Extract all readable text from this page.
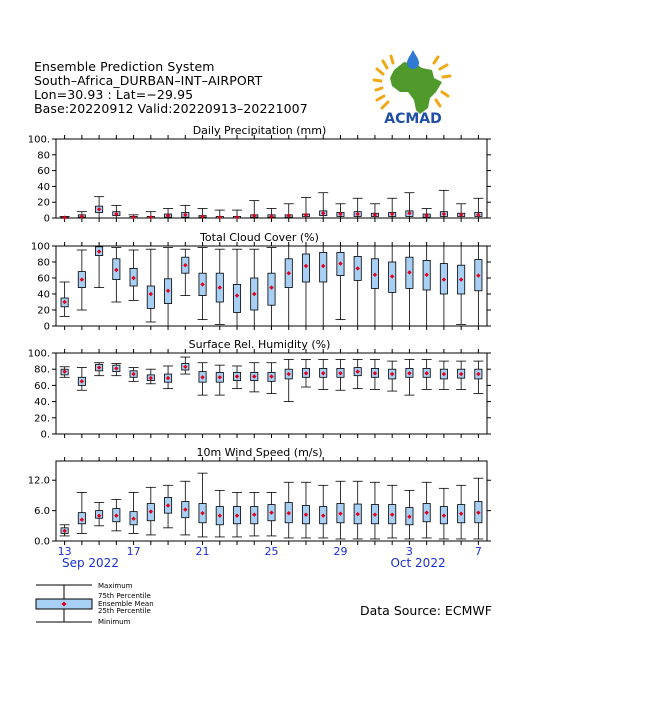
Ensemble Prediction System
South–Africa_DURBAN–INT–AIRPORT
Lon=30.93 : Lat=−29.95
Base:20220912 Valid:20220913–20221007
ACMAD
0
20
40
60
80
100.
Daily Precipitation (mm)
0
20
40
60
80
100
Total Cloud Cover (%)
0.
20.
40.
60.
80.
100.
Surface Rel. Humidity (%)
0.0
6.0
12.0
10m Wind Speed (m/s)
13	17	21	25	29	3	7
Sep 2022	Oct 2022
Maximum
75th Percentile
Ensemble Mean
25th Percentile
Minimum
Data Source: ECMWF
